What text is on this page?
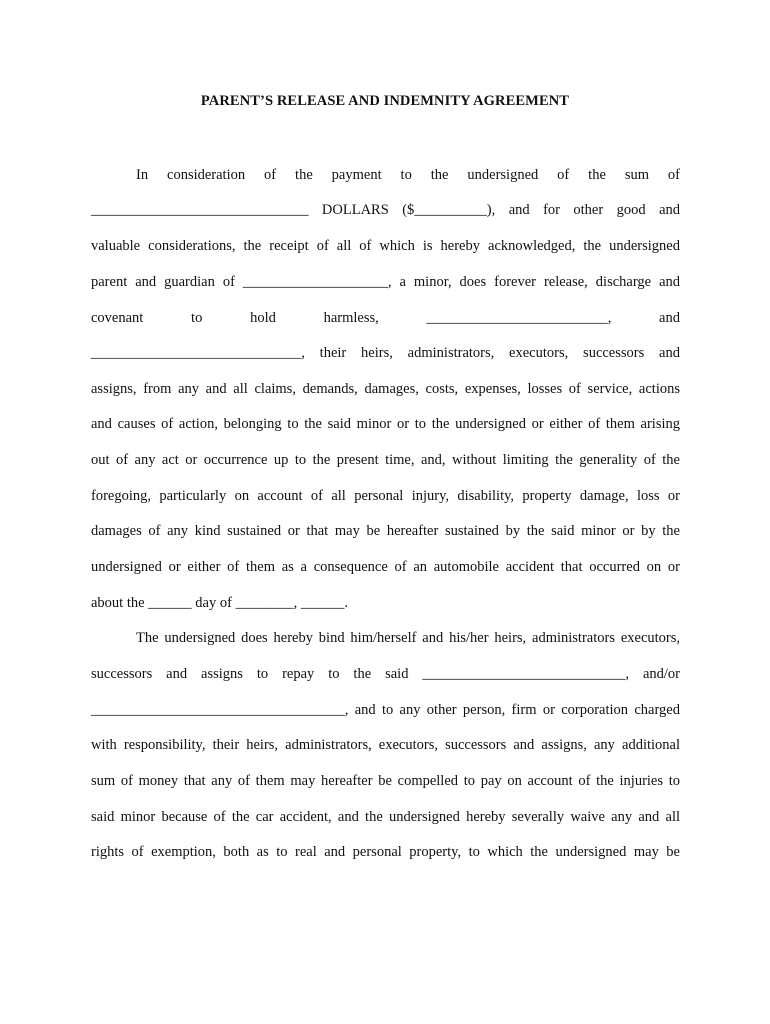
PARENT’S RELEASE AND INDEMNITY AGREEMENT
In consideration of the payment to the undersigned of the sum of
______________________________ DOLLARS ($__________), and for other good and
valuable considerations, the receipt of all of which is hereby acknowledged, the undersigned
parent and guardian of ____________________, a minor, does forever release, discharge and
covenant to hold harmless, _________________________, and
_____________________________, their heirs, administrators, executors, successors and
assigns, from any and all claims, demands, damages, costs, expenses, losses of service, actions
and causes of action, belonging to the said minor or to the undersigned or either of them arising
out of any act or occurrence up to the present time, and, without limiting the generality of the
foregoing, particularly on account of all personal injury, disability, property damage, loss or
damages of any kind sustained or that may be hereafter sustained by the said minor or by the
undersigned or either of them as a consequence of an automobile accident that occurred on or
about the ______ day of ________, ______.
The undersigned does hereby bind him/herself and his/her heirs, administrators executors,
successors and assigns to repay to the said ____________________________, and/or
___________________________________, and to any other person, firm or corporation charged
with responsibility, their heirs, administrators, executors, successors and assigns, any additional
sum of money that any of them may hereafter be compelled to pay on account of the injuries to
said minor because of the car accident, and the undersigned hereby severally waive any and all
rights of exemption, both as to real and personal property, to which the undersigned may be
